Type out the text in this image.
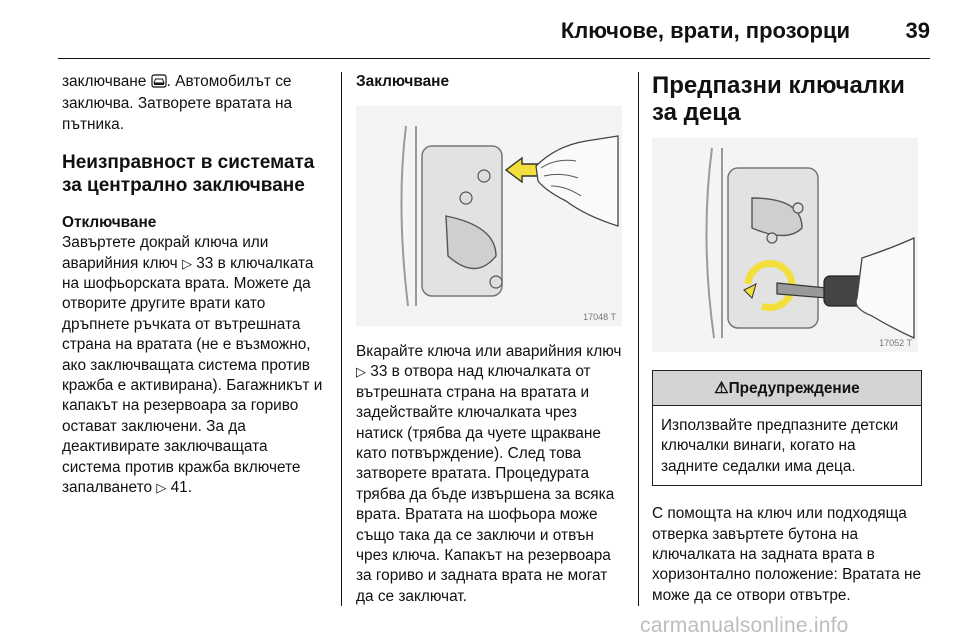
Ключове, врати, прозорци	39

заключване . Автомобилът се заключва. Затворете вратата на пътника.

Неизправност в системата за централно заключване
Отключване

Завъртете докрай ключа или аварийния ключ ▷ 33 в ключалката на шофьорската врата. Можете да отворите другите врати като дръпнете ръчката от вътрешната страна на вратата (не е възможно, ако заключващата система против кражба е активирана). Багажникът и капакът на резервоара за гориво остават заключени. За да деактивирате заключващата система против кражба включете запалването ▷ 41.

Заключване
17048 T

Вкарайте ключа или аварийния ключ ▷ 33 в отвора над ключалката от вътрешната страна на вратата и задействайте ключалката чрез натиск (трябва да чуете щракване като потвърждение). След това затворете вратата. Процедурата трябва да бъде извършена за всяка врата. Вратата на шофьора може също така да се заключи и отвън чрез ключа. Капакът на резервоара за гориво и задната врата не могат да се заключат.

Предпазни ключалки за деца
17052 T
⚠Предупреждение

Използвайте предпазните детски ключалки винаги, когато на задните седалки има деца.

С помощта на ключ или подходяща отверка завъртете бутона на ключалката на задната врата в хоризонтално положение: Вратата не може да се отвори отвътре.

carmanualsonline.info
